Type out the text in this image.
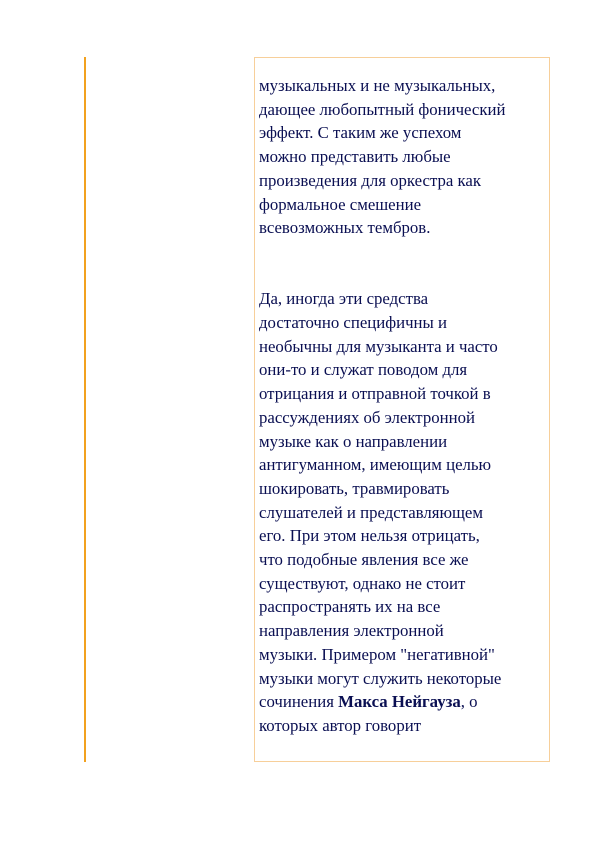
музыкальных и не музыкальных,
дающее любопытный фонический
эффект. С таким же успехом
можно представить любые
произведения для оркестра как
формальное смешение
всевозможных тембров.

Да, иногда эти средства
достаточно специфичны и
необычны для музыканта и часто
они-то и служат поводом для
отрицания и отправной точкой в
рассуждениях об электронной
музыке как о направлении
антигуманном, имеющим целью
шокировать, травмировать
слушателей и представляющем
его. При этом нельзя отрицать,
что подобные явления все же
существуют, однако не стоит
распространять их на все
направления электронной
музыки. Примером "негативной"
музыки могут служить некоторые
сочинения Макса Нейгауза, о
которых автор говорит
